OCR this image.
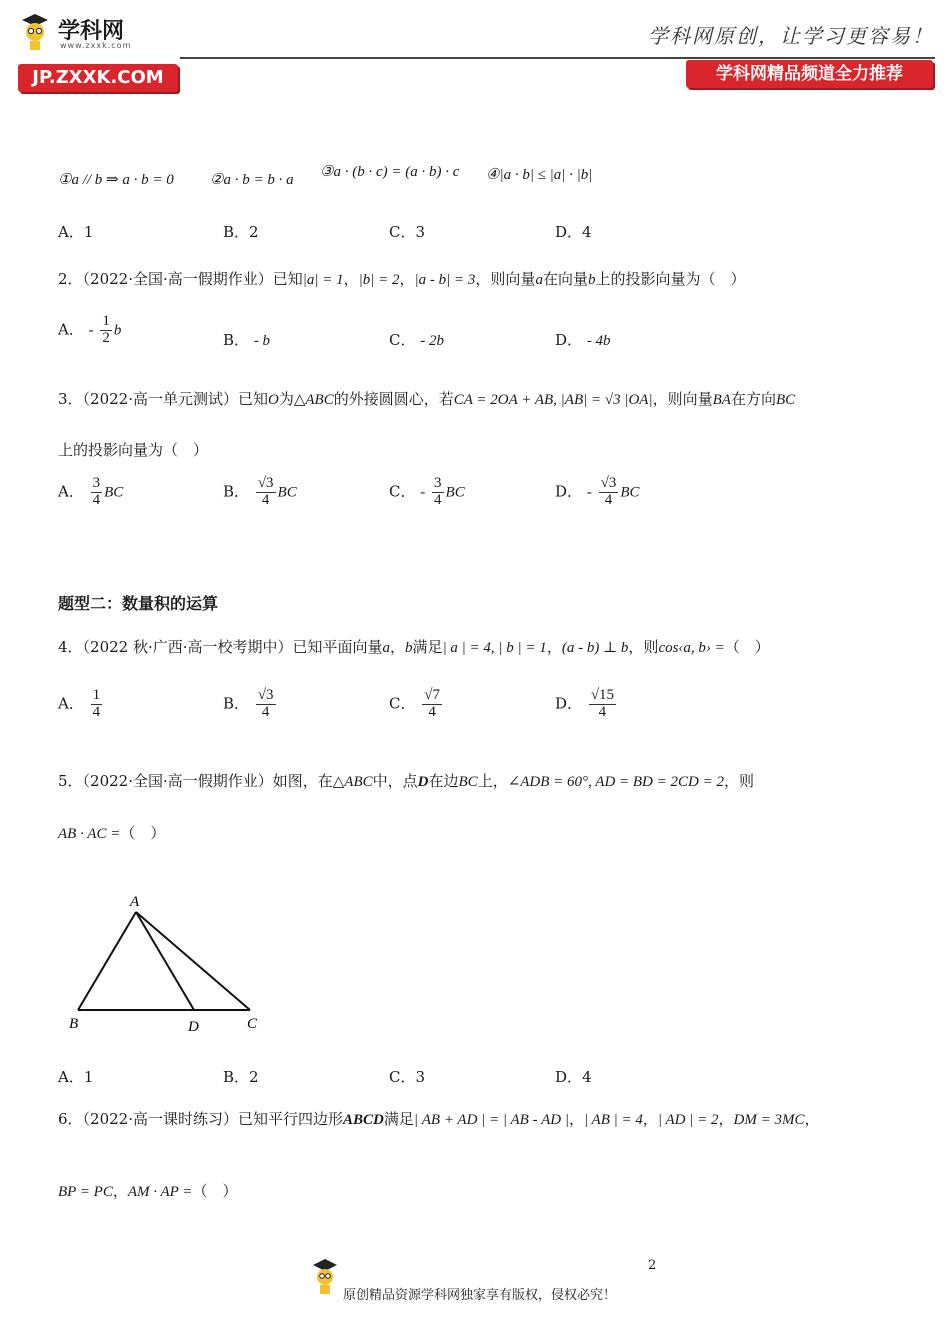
学科网
www.zxxk.com
JP.ZXXK.COM
学科网原创，让学习更容易！
学科网精品频道全力推荐
①a // b ⇒ a · b = 0 ②a · b = b · a ③a · (b · c) = (a · b) · c ④|a · b| ≤ |a| · |b|
A．1	B．2	C．3	D．4
2．（2022·全国·高一假期作业）已知|a| = 1，|b| = 2，|a - b| = 3，则向量a在向量b上的投影向量为（　）
A． - $\frac{1}{2}$ b
B． - b	C． - 2b	D． - 4b
3．（2022·高一单元测试）已知O为△ABC的外接圆圆心，若CA = 2OA + AB, |AB| = √3 |OA|，则向量BA在方向BC
上的投影向量为（　）
A． $\frac{3}{4}$ BC	B． $\frac{√3}{4}$ BC	C． - $\frac{3}{4}$ BC	D． - $\frac{√3}{4}$ BC
题型二：数量积的运算
4．（2022 秋·广西·高一校考期中）已知平面向量a，b满足| a | = 4, | b | = 1，(a - b) ⊥ b，则cos‹a, b› =（　）
A． $\frac{1}{4}$	B． $\frac{√3}{4}$	C． $\frac{√7}{4}$	D． $\frac{√15}{4}$
5．（2022·全国·高一假期作业）如图，在△ABC中，点D在边BC上，∠ADB = 60°, AD = BD = 2CD = 2，则
AB · AC =（　）
A
B	D	C
A．1	B．2	C．3	D．4
6．（2022·高一课时练习）已知平行四边形ABCD满足| AB + AD | = | AB - AD |，| AB | = 4，| AD | = 2，DM = 3MC，
BP = PC，AM · AP =（　）
2
原创精品资源学科网独家享有版权，侵权必究！
